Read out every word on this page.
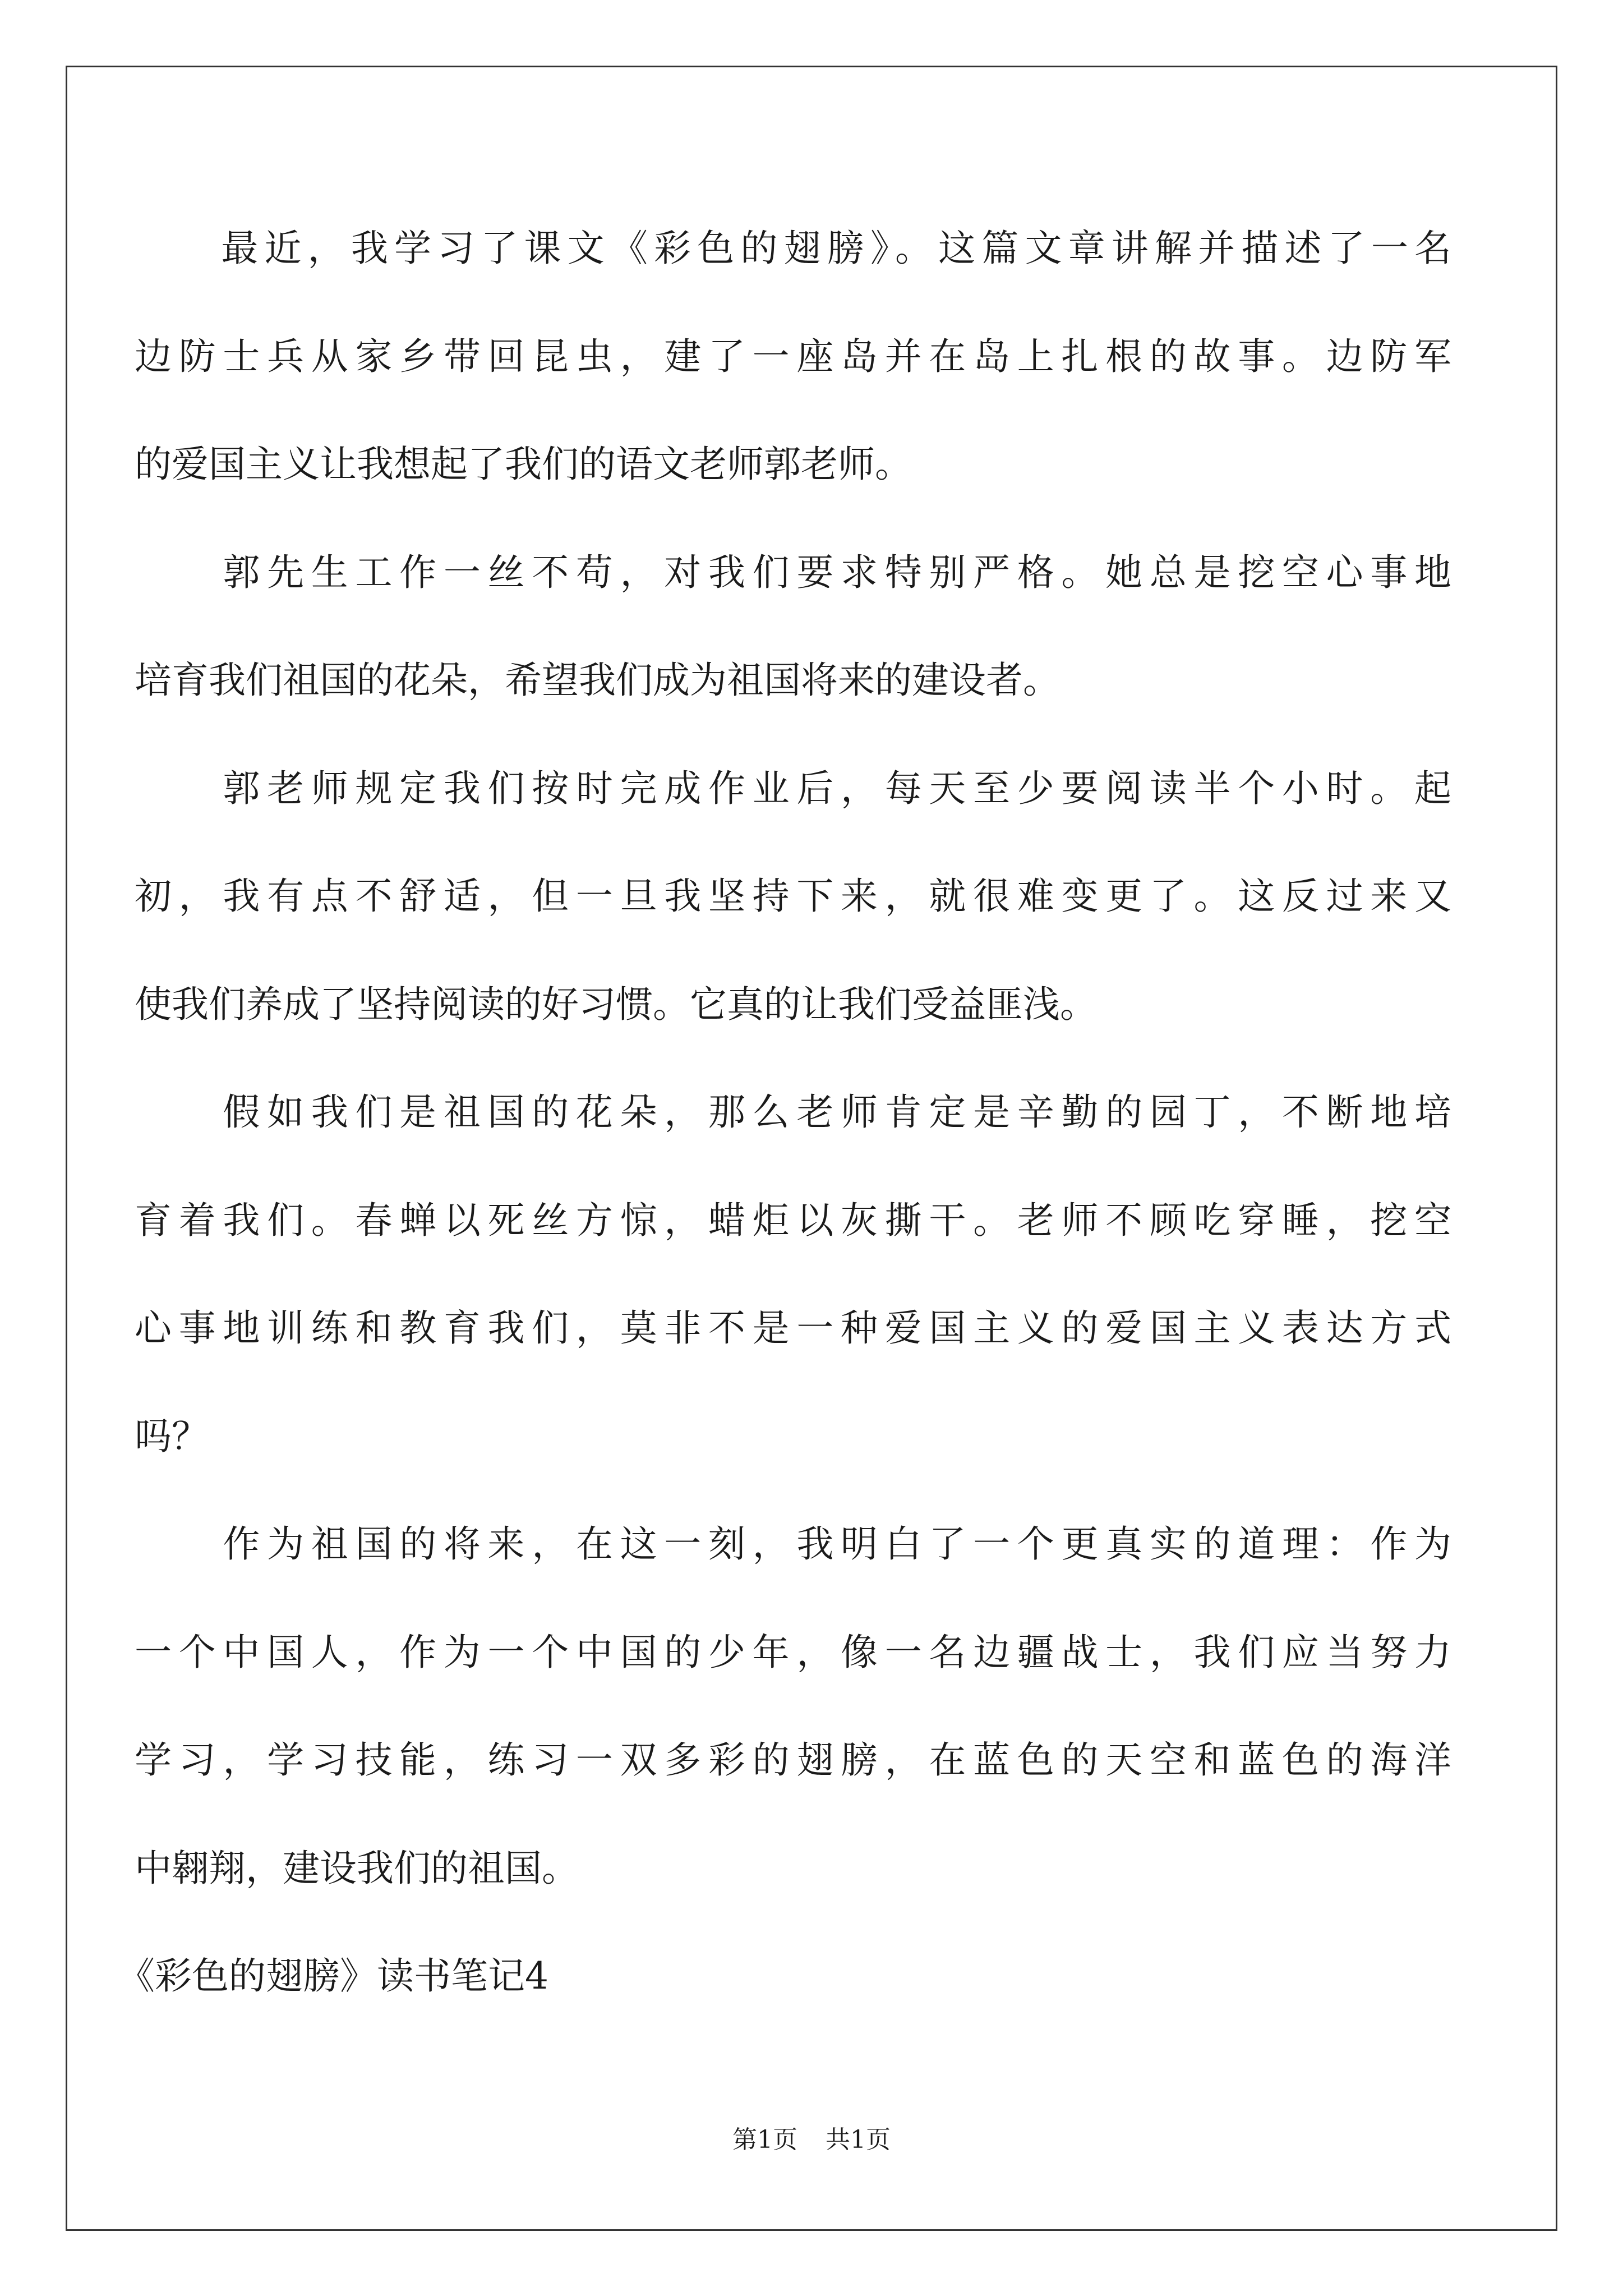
　　最近，我学习了课文《彩色的翅膀》。这篇文章讲解并描述了一名
边防士兵从家乡带回昆虫，建了一座岛并在岛上扎根的故事。边防军
的爱国主义让我想起了我们的语文老师郭老师。
　　郭先生工作一丝不苟，对我们要求特别严格。她总是挖空心事地
培育我们祖国的花朵，希望我们成为祖国将来的建设者。
　　郭老师规定我们按时完成作业后，每天至少要阅读半个小时。起
初，我有点不舒适，但一旦我坚持下来，就很难变更了。这反过来又
使我们养成了坚持阅读的好习惯。它真的让我们受益匪浅。
　　假如我们是祖国的花朵，那么老师肯定是辛勤的园丁，不断地培
育着我们。春蝉以死丝方惊，蜡炬以灰撕干。老师不顾吃穿睡，挖空
心事地训练和教育我们，莫非不是一种爱国主义的爱国主义表达方式
吗？
　　作为祖国的将来，在这一刻，我明白了一个更真实的道理：作为
一个中国人，作为一个中国的少年，像一名边疆战士，我们应当努力
学习，学习技能，练习一双多彩的翅膀，在蓝色的天空和蓝色的海洋
中翱翔，建设我们的祖国。
《彩色的翅膀》读书笔记4
第1页 共1页
